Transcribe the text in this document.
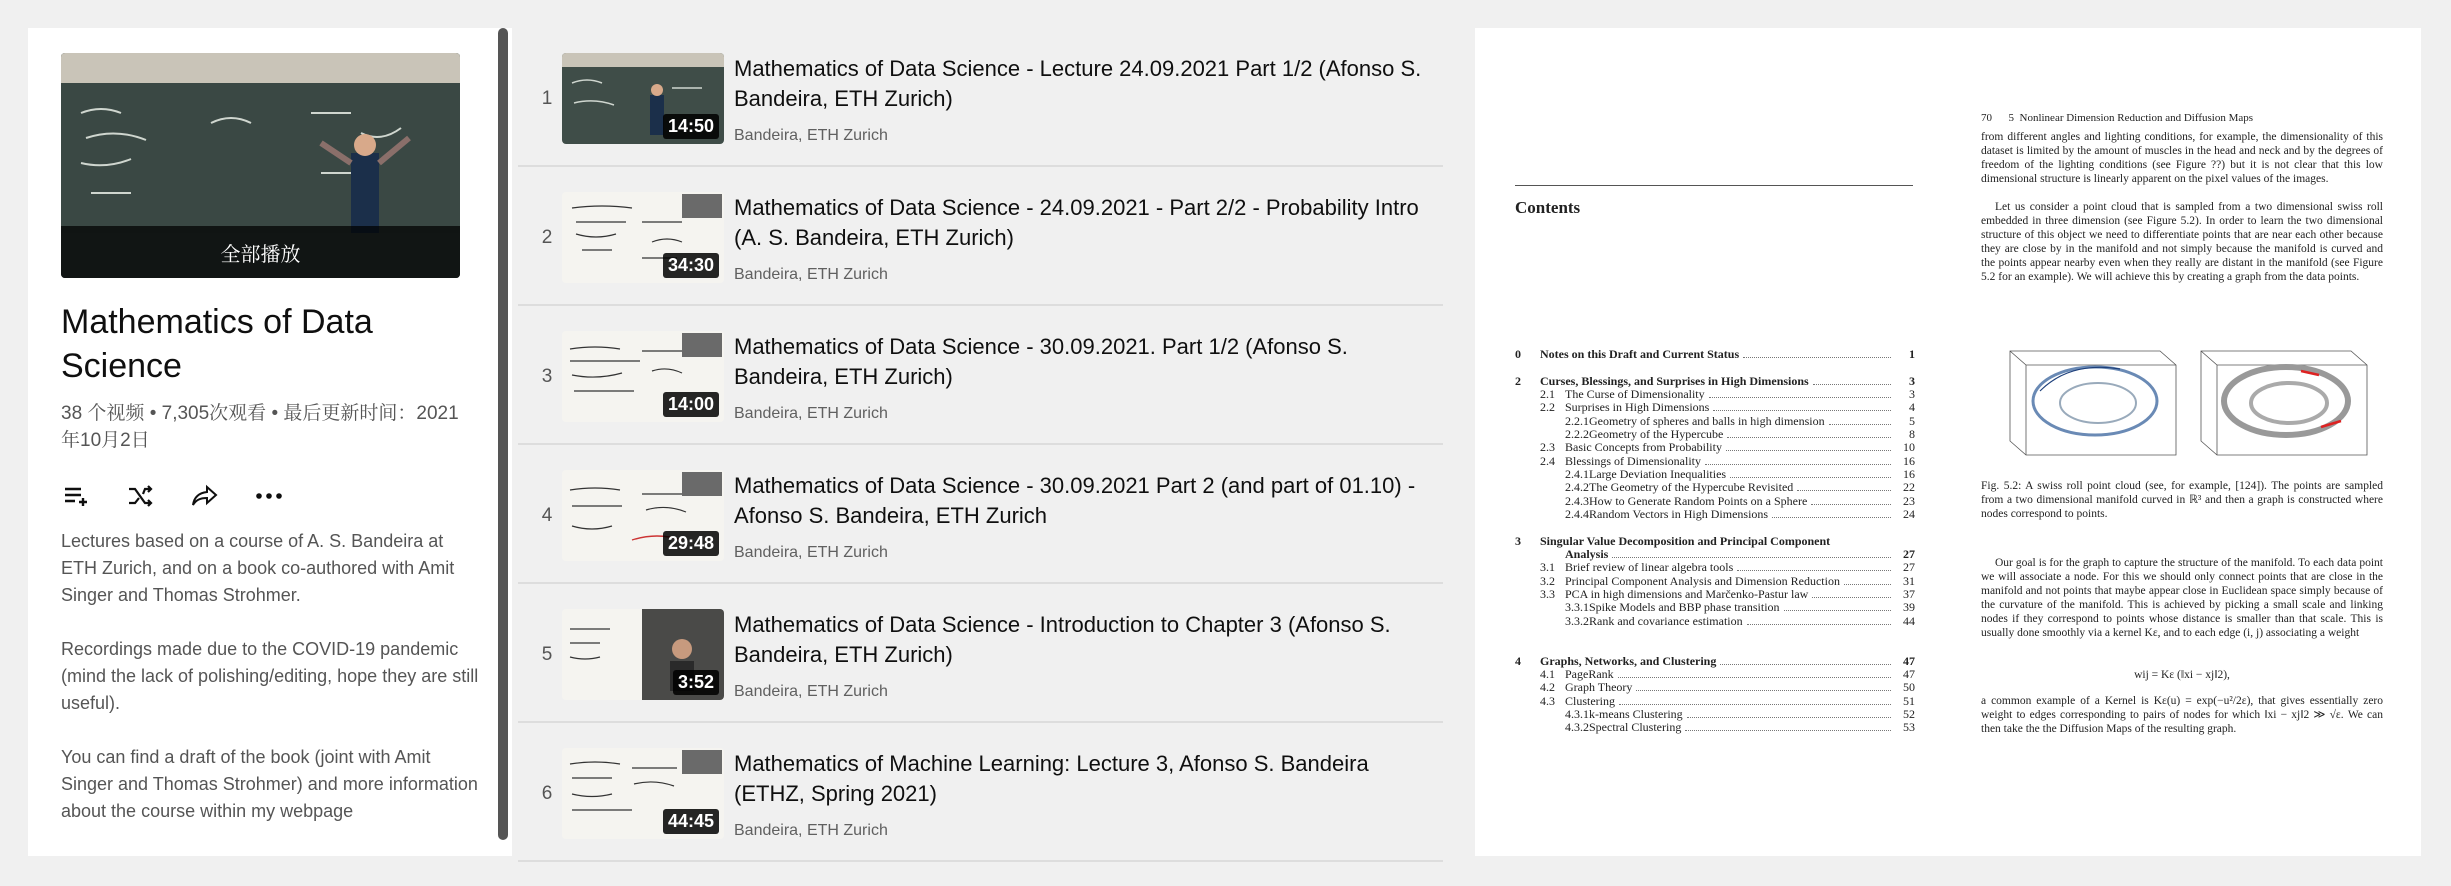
全部播放
Mathematics of Data Science
38 个视频 • 7,305次观看 • 最后更新时间：2021年10月2日

Lectures based on a course of A. S. Bandeira at ETH Zurich, and on a book co-authored with Amit Singer and Thomas Strohmer.

Recordings made due to the COVID-19 pandemic (mind the lack of polishing/editing, hope they are still useful).

You can find a draft of the book (joint with Amit Singer and Thomas Strohmer) and more information about the course within my webpage

1
14:50
Mathematics of Data Science - Lecture 24.09.2021 Part 1/2 (Afonso S. Bandeira, ETH Zurich)
Bandeira, ETH Zurich
2
34:30
Mathematics of Data Science - 24.09.2021 - Part 2/2 - Probability Intro (A. S. Bandeira, ETH Zurich)
Bandeira, ETH Zurich
3
14:00
Mathematics of Data Science - 30.09.2021. Part 1/2 (Afonso S. Bandeira, ETH Zurich)
Bandeira, ETH Zurich
4
29:48
Mathematics of Data Science - 30.09.2021 Part 2 (and part of 01.10) - Afonso S. Bandeira, ETH Zurich
Bandeira, ETH Zurich
5
3:52
Mathematics of Data Science - Introduction to Chapter 3 (Afonso S. Bandeira, ETH Zurich)
Bandeira, ETH Zurich
6
44:45
Mathematics of Machine Learning: Lecture 3, Afonso S. Bandeira (ETHZ, Spring 2021)
Bandeira, ETH Zurich
Contents
0	Notes on this Draft and Current Status	1
2	Curses, Blessings, and Surprises in High Dimensions	3
2.1 The Curse of Dimensionality	3
2.2 Surprises in High Dimensions	4
2.2.1 Geometry of spheres and balls in high dimension	5
2.2.2 Geometry of the Hypercube	8
2.3 Basic Concepts from Probability	10
2.4 Blessings of Dimensionality	16
2.4.1 Large Deviation Inequalities	16
2.4.2 The Geometry of the Hypercube Revisited	22
2.4.3 How to Generate Random Points on a Sphere	23
2.4.4 Random Vectors in High Dimensions	24
3	Singular Value Decomposition and Principal Component
Analysis	27
3.1 Brief review of linear algebra tools	27
3.2 Principal Component Analysis and Dimension Reduction	31
3.3 PCA in high dimensions and Marčenko-Pastur law	37
3.3.1 Spike Models and BBP phase transition	39
3.3.2 Rank and covariance estimation	44
4	Graphs, Networks, and Clustering	47
4.1 PageRank	47
4.2 Graph Theory	50
4.3 Clustering	51
4.3.1 k-means Clustering	52
4.3.2 Spectral Clustering	53
70      5  Nonlinear Dimension Reduction and Diffusion Maps
from different angles and lighting conditions, for example, the dimensionality of this dataset is limited by the amount of muscles in the head and neck and by the degrees of freedom of the lighting conditions (see Figure ??) but it is not clear that this low dimensional structure is linearly apparent on the pixel values of the images.
Let us consider a point cloud that is sampled from a two dimensional swiss roll embedded in three dimension (see Figure 5.2). In order to learn the two dimensional structure of this object we need to differentiate points that are near each other because they are close by in the manifold and not simply because the manifold is curved and the points appear nearby even when they really are distant in the manifold (see Figure 5.2 for an example). We will achieve this by creating a graph from the data points.
Fig. 5.2: A swiss roll point cloud (see, for example, [124]). The points are sampled from a two dimensional manifold curved in ℝ³ and then a graph is constructed where nodes correspond to points.
Our goal is for the graph to capture the structure of the manifold. To each data point we will associate a node. For this we should only connect points that are close in the manifold and not points that maybe appear close in Euclidean space simply because of the curvature of the manifold. This is achieved by picking a small scale and linking nodes if they correspond to points whose distance is smaller than that scale. This is usually done smoothly via a kernel Kε, and to each edge (i, j) associating a weight
wij = Kε (‖xi − xj‖2),
a common example of a Kernel is Kε(u) = exp(−u²/2ε), that gives essentially zero weight to edges corresponding to pairs of nodes for which ‖xi − xj‖2 ≫ √ε. We can then take the the Diffusion Maps of the resulting graph.
